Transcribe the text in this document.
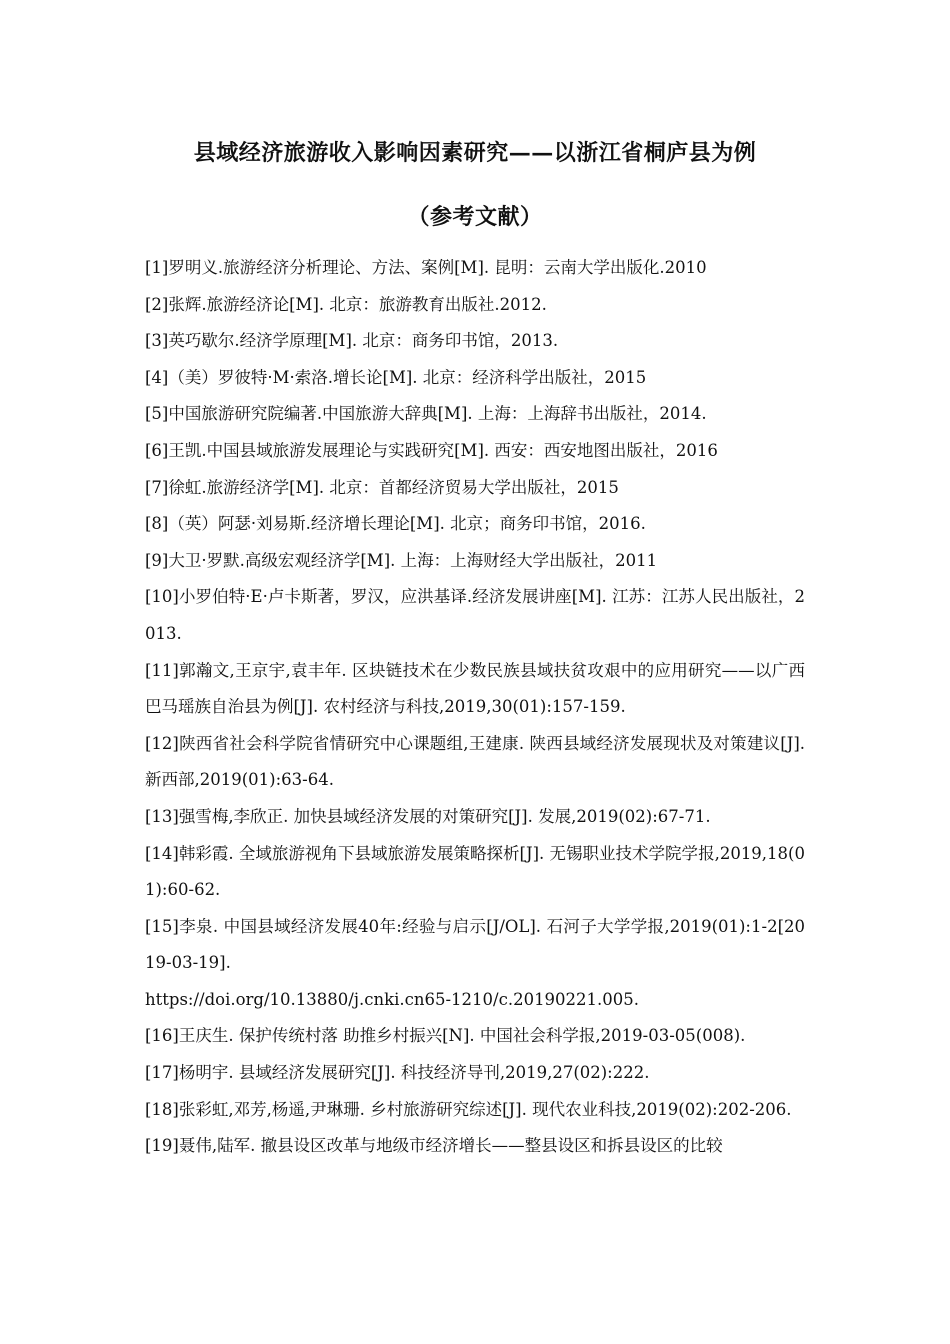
县域经济旅游收入影响因素研究——以浙江省桐庐县为例
（参考文献）

[1]罗明义.旅游经济分析理论、方法、案例[M]. 昆明：云南大学出版化.2010

[2]张辉.旅游经济论[M]. 北京：旅游教育出版社.2012.

[3]英巧歇尔.经济学原理[M]. 北京：商务印书馆，2013.

[4]（美）罗彼特·M·索洛.增长论[M]. 北京：经济科学出版社，2015

[5]中国旅游研究院编著.中国旅游大辞典[M]. 上海：上海辞书出版社，2014.

[6]王凯.中国县域旅游发展理论与实践研究[M]. 西安：西安地图出版社，2016

[7]徐虹.旅游经济学[M]. 北京：首都经济贸易大学出版社，2015

[8]（英）阿瑟·刘易斯.经济增长理论[M]. 北京；商务印书馆，2016.

[9]大卫·罗默.高级宏观经济学[M]. 上海：上海财经大学出版社，2011

[10]小罗伯特·E·卢卡斯著，罗汉，应洪基译.经济发展讲座[M]. 江苏：江苏人民出版社，2013.

[11]郭瀚文,王京宇,袁丰年. 区块链技术在少数民族县域扶贫攻艰中的应用研究——以广西巴马瑶族自治县为例[J]. 农村经济与科技,2019,30(01):157-159.

[12]陕西省社会科学院省情研究中心课题组,王建康. 陕西县域经济发展现状及对策建议[J]. 新西部,2019(01):63-64.

[13]强雪梅,李欣正. 加快县域经济发展的对策研究[J]. 发展,2019(02):67-71.

[14]韩彩霞. 全域旅游视角下县域旅游发展策略探析[J]. 无锡职业技术学院学报,2019,18(01):60-62.

[15]李泉. 中国县域经济发展40年:经验与启示[J/OL]. 石河子大学学报,2019(01):1-2[2019-03-19].

https://doi.org/10.13880/j.cnki.cn65-1210/c.20190221.005.

[16]王庆生. 保护传统村落 助推乡村振兴[N]. 中国社会科学报,2019-03-05(008).

[17]杨明宇. 县域经济发展研究[J]. 科技经济导刊,2019,27(02):222.

[18]张彩虹,邓芳,杨遥,尹琳珊. 乡村旅游研究综述[J]. 现代农业科技,2019(02):202-206.

[19]聂伟,陆军. 撤县设区改革与地级市经济增长——整县设区和拆县设区的比较
